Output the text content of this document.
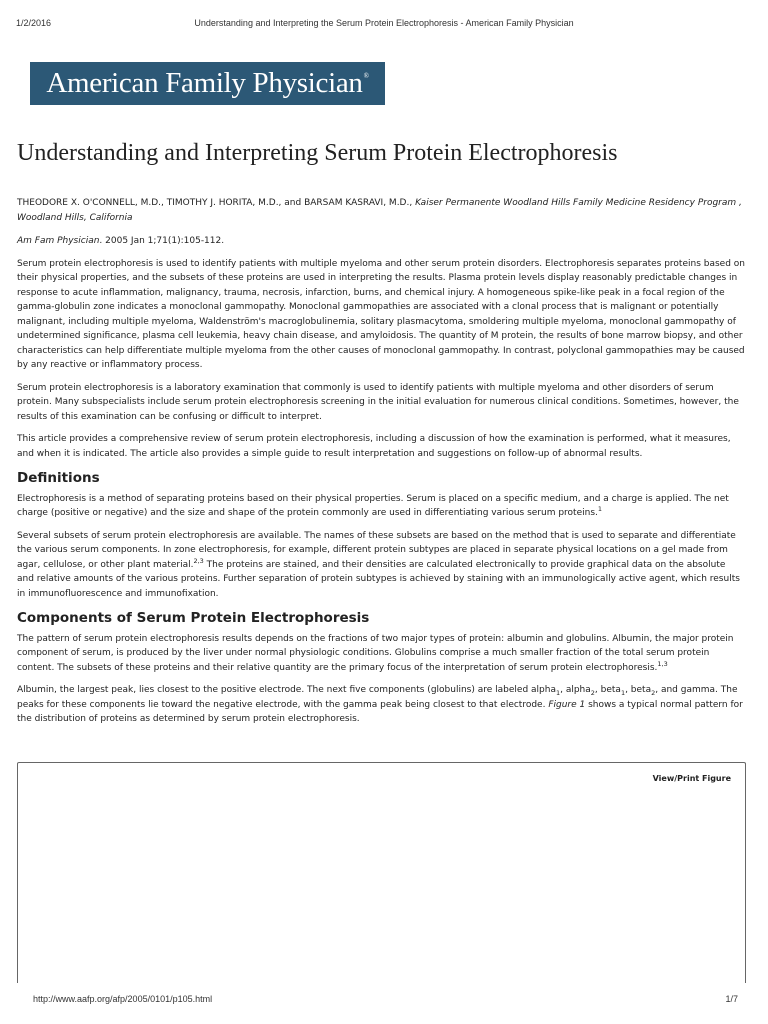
1/2/2016	Understanding and Interpreting the Serum Protein Electrophoresis - American Family Physician
American Family Physician®
Understanding and Interpreting Serum Protein Electrophoresis

THEODORE X. O'CONNELL, M.D., TIMOTHY J. HORITA, M.D., and BARSAM KASRAVI, M.D., Kaiser Permanente Woodland Hills Family Medicine Residency Program , Woodland Hills, California

Am Fam Physician. 2005 Jan 1;71(1):105-112.

Serum protein electrophoresis is used to identify patients with multiple myeloma and other serum protein disorders. Electrophoresis separates proteins based on their physical properties, and the subsets of these proteins are used in interpreting the results. Plasma protein levels display reasonably predictable changes in response to acute inflammation, malignancy, trauma, necrosis, infarction, burns, and chemical injury. A homogeneous spike-like peak in a focal region of the gamma-globulin zone indicates a monoclonal gammopathy. Monoclonal gammopathies are associated with a clonal process that is malignant or potentially malignant, including multiple myeloma, Waldenström's macroglobulinemia, solitary plasmacytoma, smoldering multiple myeloma, monoclonal gammopathy of undetermined significance, plasma cell leukemia, heavy chain disease, and amyloidosis. The quantity of M protein, the results of bone marrow biopsy, and other characteristics can help differentiate multiple myeloma from the other causes of monoclonal gammopathy. In contrast, polyclonal gammopathies may be caused by any reactive or inflammatory process.

Serum protein electrophoresis is a laboratory examination that commonly is used to identify patients with multiple myeloma and other disorders of serum protein. Many subspecialists include serum protein electrophoresis screening in the initial evaluation for numerous clinical conditions. Sometimes, however, the results of this examination can be confusing or difficult to interpret.

This article provides a comprehensive review of serum protein electrophoresis, including a discussion of how the examination is performed, what it measures, and when it is indicated. The article also provides a simple guide to result interpretation and suggestions on follow-up of abnormal results.

Definitions

Electrophoresis is a method of separating proteins based on their physical properties. Serum is placed on a specific medium, and a charge is applied. The net charge (positive or negative) and the size and shape of the protein commonly are used in differentiating various serum proteins.$^1$

Several subsets of serum protein electrophoresis are available. The names of these subsets are based on the method that is used to separate and differentiate the various serum components. In zone electrophoresis, for example, different protein subtypes are placed in separate physical locations on a gel made from agar, cellulose, or other plant material.$^{2,3}$ The proteins are stained, and their densities are calculated electronically to provide graphical data on the absolute and relative amounts of the various proteins. Further separation of protein subtypes is achieved by staining with an immunologically active agent, which results in immunofluorescence and immunofixation.

Components of Serum Protein Electrophoresis

The pattern of serum protein electrophoresis results depends on the fractions of two major types of protein: albumin and globulins. Albumin, the major protein component of serum, is produced by the liver under normal physiologic conditions. Globulins comprise a much smaller fraction of the total serum protein content. The subsets of these proteins and their relative quantity are the primary focus of the interpretation of serum protein electrophoresis.$^{1,3}$

Albumin, the largest peak, lies closest to the positive electrode. The next five components (globulins) are labeled alpha$_1$, alpha$_2$, beta$_1$, beta$_2$, and gamma. The peaks for these components lie toward the negative electrode, with the gamma peak being closest to that electrode. Figure 1 shows a typical normal pattern for the distribution of proteins as determined by serum protein electrophoresis.

View/Print Figure
http://www.aafp.org/afp/2005/0101/p105.html	1/7
